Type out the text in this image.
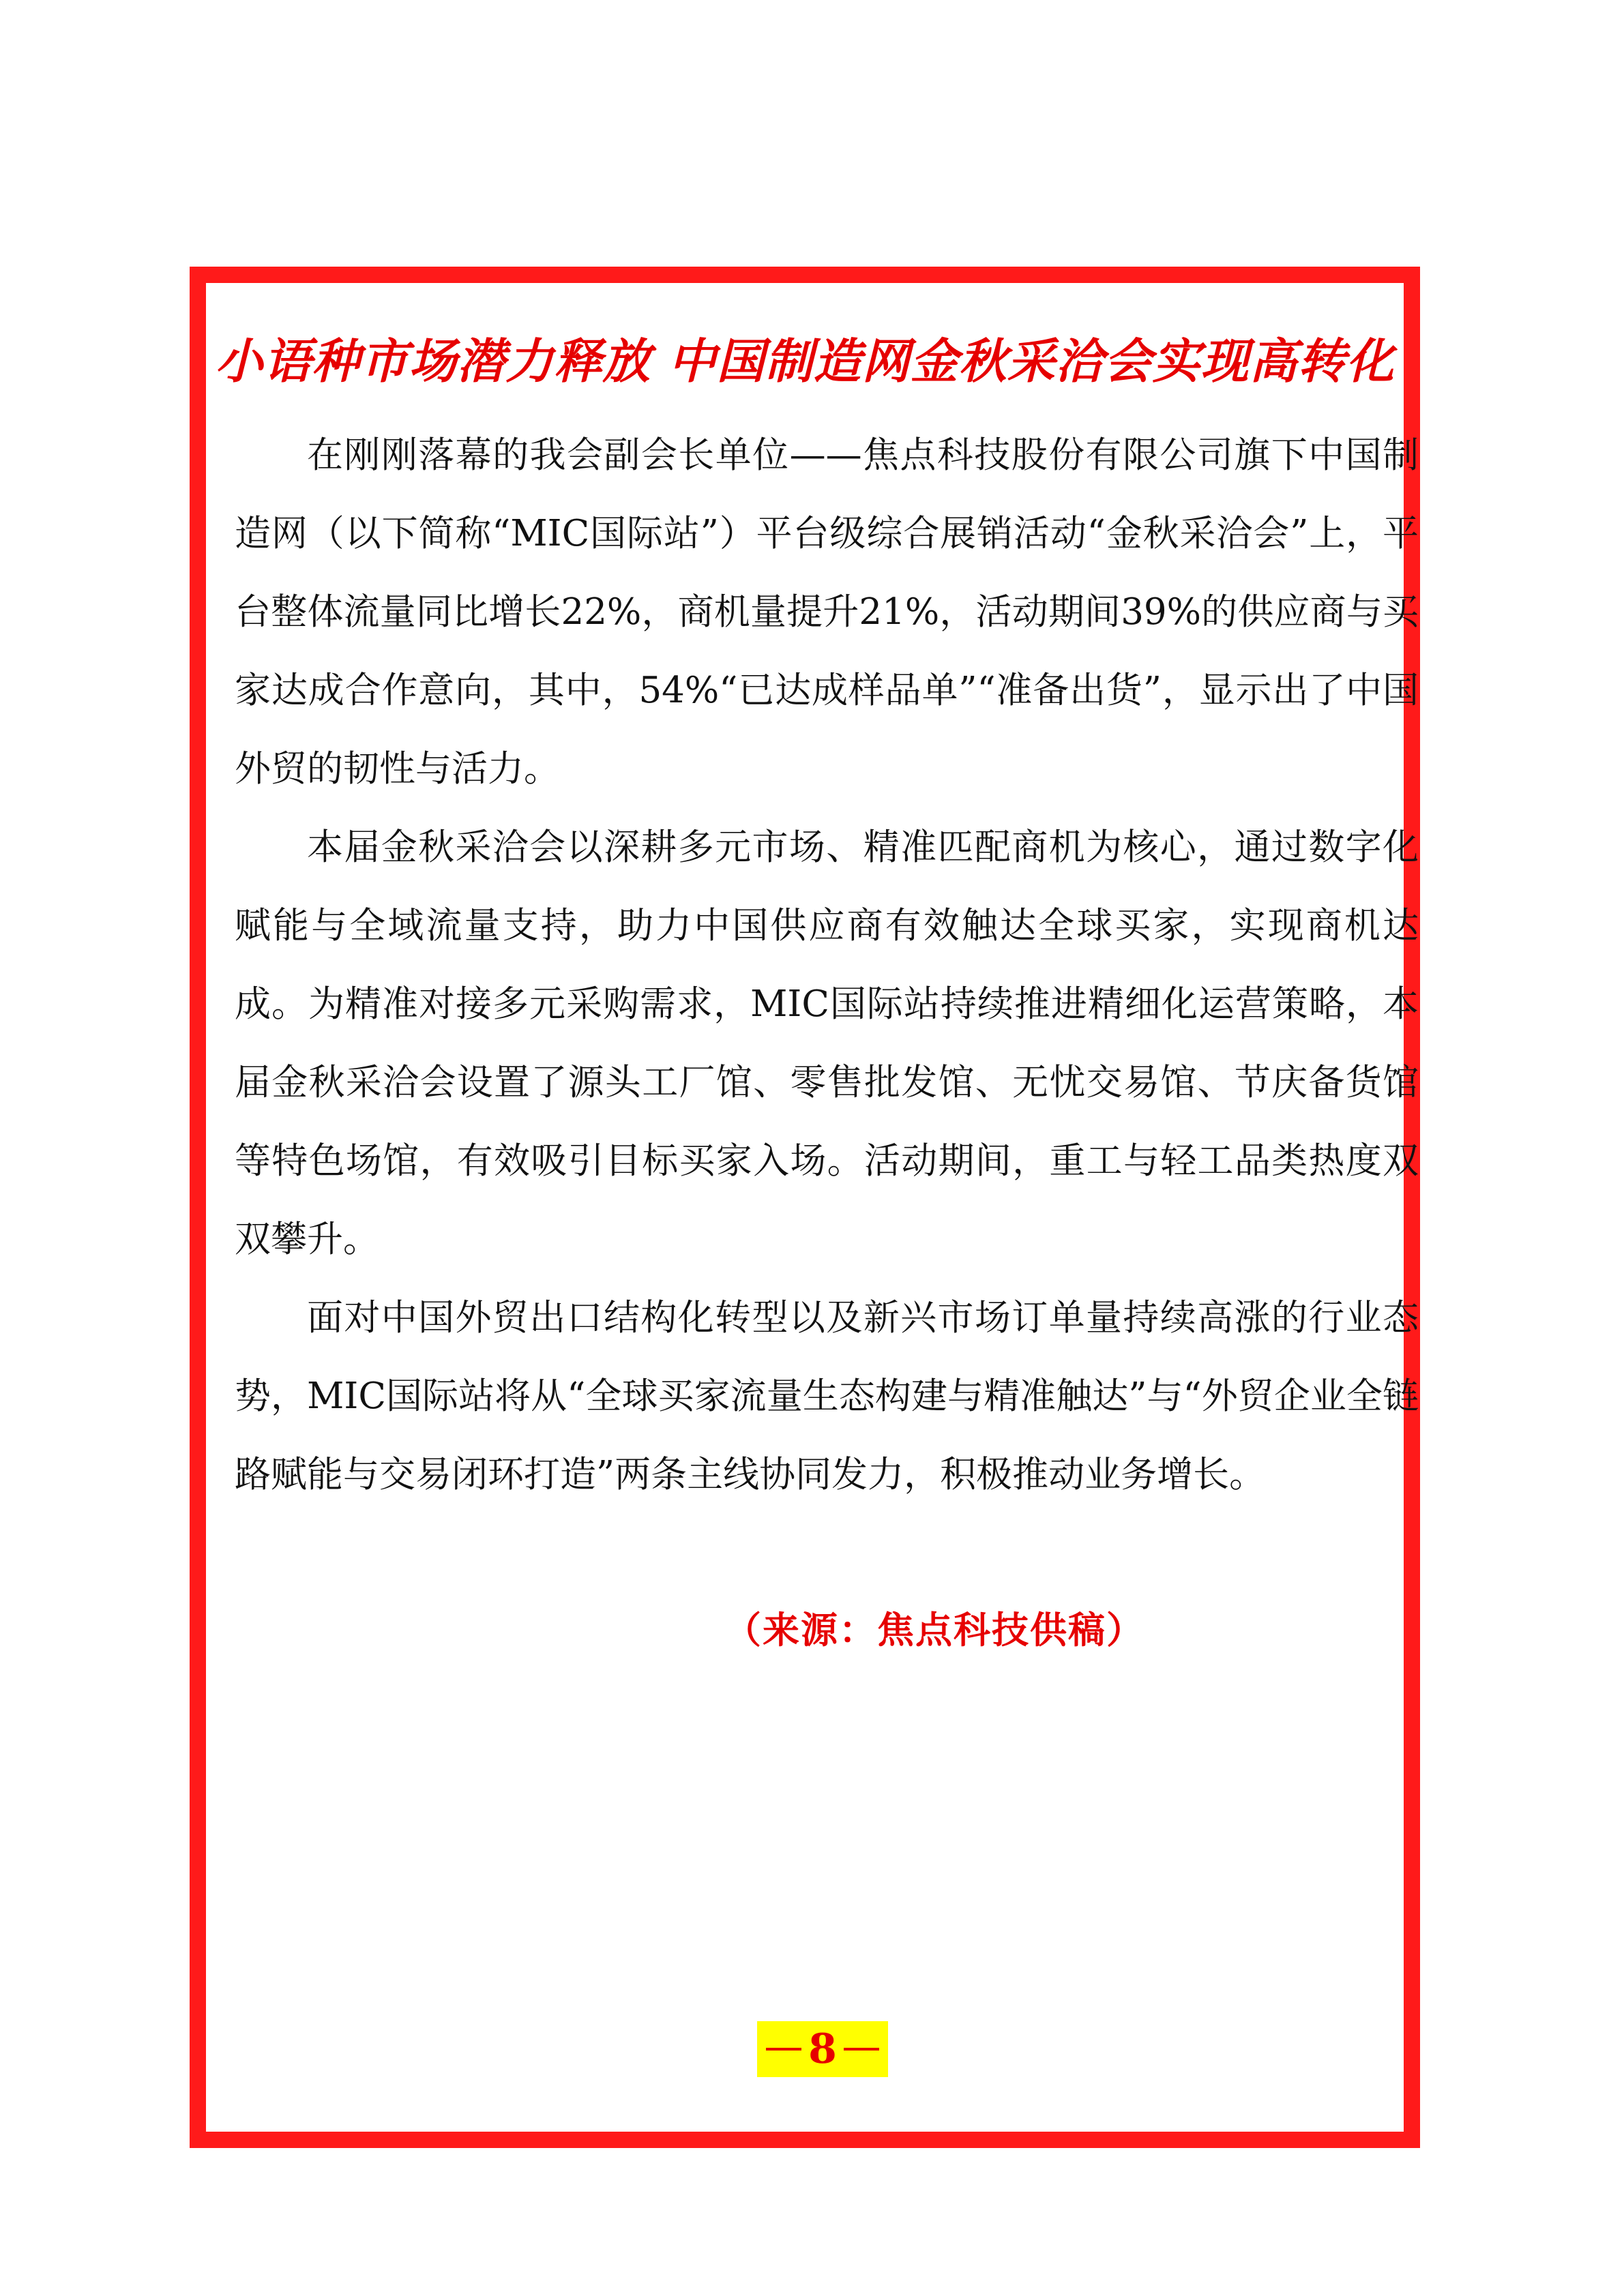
小语种市场潜力释放 中国制造网金秋采洽会实现高转化

在刚刚落幕的我会副会长单位——焦点科技股份有限公司旗下中国制造网（以下简称“MIC国际站”）平台级综合展销活动“金秋采洽会”上，平台整体流量同比增长22%，商机量提升21%，活动期间39%的供应商与买家达成合作意向，其中，54%“已达成样品单”“准备出货”，显示出了中国外贸的韧性与活力。

本届金秋采洽会以深耕多元市场、精准匹配商机为核心，通过数字化赋能与全域流量支持，助力中国供应商有效触达全球买家，实现商机达成。为精准对接多元采购需求，MIC国际站持续推进精细化运营策略，本届金秋采洽会设置了源头工厂馆、零售批发馆、无忧交易馆、节庆备货馆等特色场馆，有效吸引目标买家入场。活动期间，重工与轻工品类热度双双攀升。

面对中国外贸出口结构化转型以及新兴市场订单量持续高涨的行业态势，MIC国际站将从“全球买家流量生态构建与精准触达”与“外贸企业全链路赋能与交易闭环打造”两条主线协同发力，积极推动业务增长。

（来源：焦点科技供稿）
8
